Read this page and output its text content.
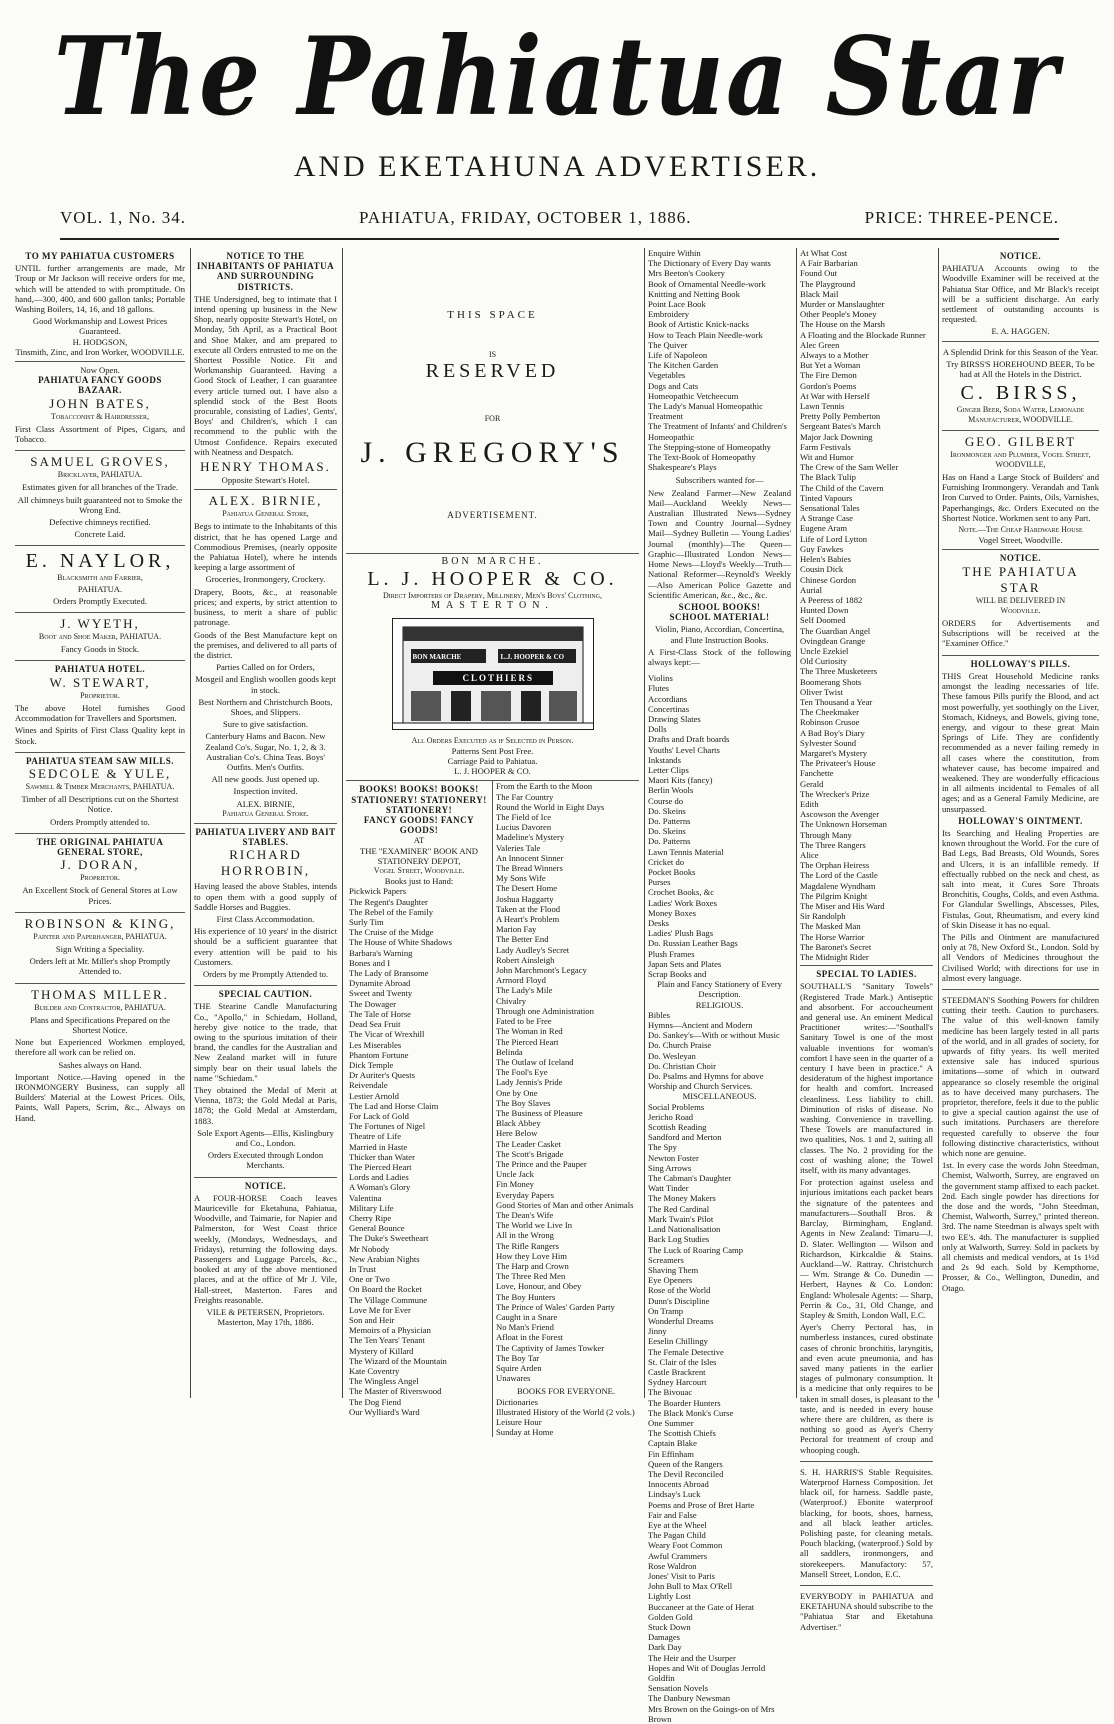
The Pahiatua Star
AND EKETAHUNA ADVERTISER.
VOL. 1, No. 34.	PAHIATUA, FRIDAY, OCTOBER 1, 1886.	PRICE: THREE-PENCE.
TO MY PAHIATUA CUSTOMERS

UNTIL further arrangements are made, Mr Troup or Mr Jackson will receive orders for me, which will be attended to with promptitude. On hand,—300, 400, and 600 gallon tanks; Portable Washing Boilers, 14, 16, and 18 gallons.

Good Workmanship and Lowest Prices Guaranteed.
H. HODGSON,
Tinsmith, Zinc, and Iron Worker, WOODVILLE.
Now Open.
PAHIATUA FANCY GOODS BAZAAR.
JOHN BATES,
Tobacconist & Hairdresser,

First Class Assortment of Pipes, Cigars, and Tobacco.

SAMUEL GROVES,
Bricklayer, PAHIATUA.

Estimates given for all branches of the Trade.

All chimneys built guaranteed not to Smoke the Wrong End.

Defective chimneys rectified.

Concrete Laid.

E. NAYLOR,
Blacksmith and Farrier,
PAHIATUA.

Orders Promptly Executed.

J. WYETH,
Boot and Shoe Maker, PAHIATUA.

Fancy Goods in Stock.

PAHIATUA HOTEL.
W. STEWART,
Proprietor.

The above Hotel furnishes Good Accommodation for Travellers and Sportsmen.

Wines and Spirits of First Class Quality kept in Stock.

PAHIATUA STEAM SAW MILLS.
SEDCOLE & YULE,
Sawmill & Timber Merchants, PAHIATUA.

Timber of all Descriptions cut on the Shortest Notice.

Orders Promptly attended to.

THE ORIGINAL PAHIATUA GENERAL STORE,
J. DORAN,
Proprietor.

An Excellent Stock of General Stores at Low Prices.

ROBINSON & KING,
Painter and Paperhanger, PAHIATUA.

Sign Writing a Speciality.

Orders left at Mr. Miller's shop Promptly Attended to.

THOMAS MILLER.
Builder and Contractor, PAHIATUA.

Plans and Specifications Prepared on the Shortest Notice.

None but Experienced Workmen employed, therefore all work can be relied on.

Sashes always on Hand.

Important Notice.—Having opened in the IRONMONGERY Business, can supply all Builders' Material at the Lowest Prices. Oils, Paints, Wall Papers, Scrim, &c., Always on Hand.

NOTICE TO THE INHABITANTS OF PAHIATUA AND SURROUNDING DISTRICTS.

THE Undersigned, beg to intimate that I intend opening up business in the New Shop, nearly opposite Stewart's Hotel, on Monday, 5th April, as a Practical Boot and Shoe Maker, and am prepared to execute all Orders entrusted to me on the Shortest Possible Notice. Fit and Workmanship Guaranteed. Having a Good Stock of Leather, I can guarantee every article turned out. I have also a splendid stock of the Best Boots procurable, consisting of Ladies', Gents', Boys' and Children's, which I can recommend to the public with the Utmost Confidence. Repairs executed with Neatness and Despatch.

HENRY THOMAS.
Opposite Stewart's Hotel.
ALEX. BIRNIE,
Pahiatua General Store,

Begs to intimate to the Inhabitants of this district, that he has opened Large and Commodious Premises, (nearly opposite the Pahiatua Hotel), where he intends keeping a large assortment of

Groceries, Ironmongery, Crockery.

Drapery, Boots, &c., at reasonable prices; and experts, by strict attention to business, to merit a share of public patronage.

Goods of the Best Manufacture kept on the premises, and delivered to all parts of the district.

Parties Called on for Orders,

Mosgeil and English woollen goods kept in stock.

Best Northern and Christchurch Boots, Shoes, and Slippers.

Sure to give satisfaction.

Canterbury Hams and Bacon. New Zealand Co's. Sugar, No. 1, 2, & 3. Australian Co's. China Teas. Boys' Outfits. Men's Outfits.

All new goods. Just opened up.

Inspection invited.

ALEX. BIRNIE,
Pahiatua General Store.
PAHIATUA LIVERY AND BAIT STABLES.
RICHARD HORROBIN,

Having leased the above Stables, intends to open them with a good supply of Saddle Horses and Buggies.

First Class Accommodation.

His experience of 10 years' in the district should be a sufficient guarantee that every attention will be paid to his Customers.

Orders by me Promptly Attended to.

SPECIAL CAUTION.

THE Stearine Candle Manufacturing Co., "Apollo," in Schiedam, Holland, hereby give notice to the trade, that owing to the spurious imitation of their brand, the candles for the Australian and New Zealand market will in future simply bear on their usual labels the name "Schiedam."

They obtained the Medal of Merit at Vienna, 1873; the Gold Medal at Paris, 1878; the Gold Medal at Amsterdam, 1883.

Sole Export Agents—Ellis, Kislingbury and Co., London.

Orders Executed through London Merchants.

NOTICE.

A FOUR-HORSE Coach leaves Mauriceville for Eketahuna, Pahiatua, Woodville, and Taimarie, for Napier and Palmerston, for West Coast thrice weekly, (Mondays, Wednesdays, and Fridays), returning the following days. Passengers and Luggage Parcels, &c., booked at any of the above mentioned places, and at the office of Mr J. Vile, Hall-street, Masterton. Fares and Freights reasonable.

VILE & PETERSEN, Proprietors.
Masterton, May 17th, 1886.
THIS SPACE
IS
RESERVED
FOR
J. GREGORY'S
ADVERTISEMENT.
BON MARCHE.
L. J. HOOPER & CO.
Direct Importers of Drapery, Millinery, Men's Boys' Clothing,
MASTERTON.
BON MARCHE	L.J. HOOPER & CO
CLOTHIERS
All Orders Executed as if Selected in Person.
Patterns Sent Post Free.
Carriage Paid to Pahiatua.
L. J. HOOPER & CO.
BOOKS! BOOKS! BOOKS!
STATIONERY! STATIONERY! STATIONERY!
FANCY GOODS! FANCY GOODS!
AT
THE "EXAMINER" BOOK AND STATIONERY DEPOT,
Vogel Street, Woodville.
Books just to Hand:
Pickwick Papers
The Regent's Daughter
The Rebel of the Family
Surly Tim
The Cruise of the Midge
The House of White Shadows
Barbara's Warning
Bones and I
The Lady of Bransome
Dynamite Abroad
Sweet and Twenty
The Dowager
The Tale of Horse
Dead Sea Fruit
The Vicar of Wrexhill
Les Miserables
Phantom Fortune
Dick Temple
Dr Auriter's Quests
Reivendale
Lestier Arnold
The Lad and Horse Claim
For Lack of Gold
The Fortunes of Nigel
Theatre of Life
Married in Haste
Thicker than Water
The Pierced Heart
Lords and Ladies
A Woman's Glory
Valentina
Military Life
Cherry Ripe
General Bounce
The Duke's Sweetheart
Mr Nobody
New Arabian Nights
In Trust
One or Two
On Board the Rocket
The Village Commune
Love Me for Ever
Son and Heir
Memoirs of a Physician
The Ten Years' Tenant
Mystery of Killard
The Wizard of the Mountain
Kate Coventry
The Wingless Angel
The Master of Riverswood
The Dog Fiend
Our Wylliard's Ward
From the Earth to the Moon
The Far Country
Round the World in Eight Days
The Field of Ice
Lucius Davoren
Madeline's Mystery
Valeries Tale
An Innocent Sinner
The Bread Winners
My Sons Wife
The Desert Home
Joshua Haggarty
Taken at the Flood
A Heart's Problem
Marion Fay
The Better End
Lady Audley's Secret
Robert Ainsleigh
John Marchmont's Legacy
Arrnord Floyd
The Lady's Mile
Chivalry
Through one Administration
Fated to be Free
The Woman in Red
The Pierced Heart
Belinda
The Outlaw of Iceland
The Fool's Eye
Lady Jennis's Pride
One by One
The Boy Slaves
The Business of Pleasure
Black Abbey
Here Below
The Leader Casket
The Scott's Brigade
The Prince and the Pauper
Uncle Jack
Fin Money
Everyday Papers
Good Stories of Man and other Animals
The Dean's Wife
The World we Live In
All in the Wrong
The Rifle Rangers
How they Love Him
The Harp and Crown
The Three Red Men
Love, Honour, and Obey
The Boy Hunters
The Prince of Wales' Garden Party
Caught in a Snare
No Man's Friend
Afloat in the Forest
The Captivity of James Towker
The Boy Tar
Squire Arden
Unawares
BOOKS FOR EVERYONE.
Dictionaries
Illustrated History of the World (2 vols.)
Leisure Hour
Sunday at Home
Enquire Within
The Dictionary of Every Day wants
Mrs Beeton's Cookery
Book of Ornamental Needle-work
Knitting and Netting Book
Point Lace Book
Embroidery
Book of Artistic Knick-nacks
How to Teach Plain Needle-work
The Quiver
Life of Napoleon
The Kitchen Garden
Vegetables
Dogs and Cats
Homeopathic Vetcheecum
The Lady's Manual Homeopathic Treatment
The Treatment of Infants' and Children's Homeopathic
The Stepping-stone of Homeopathy
The Text-Book of Homeopathy
Shakespeare's Plays
Subscribers wanted for—

New Zealand Farmer—New Zealand Mail—Auckland Weekly News—Australian Illustrated News—Sydney Town and Country Journal—Sydney Mail—Sydney Bulletin — Young Ladies' Journal (monthly)—The Queen—Graphic—Illustrated London News—Home News—Lloyd's Weekly—Truth—National Reformer—Reynold's Weekly—Also American Police Gazette and Scientific American, &c., &c., &c.

SCHOOL BOOKS!
SCHOOL MATERIAL!

Violin, Piano, Accordian, Concertina, and Flute Instruction Books.

A First-Class Stock of the following always kept:—

Violins
Flutes
Accordians
Concertinas
Drawing Slates
Dolls
Drafts and Draft boards
Youths' Level Charts
Inkstands
Letter Clips
Maori Kits (fancy)
Berlin Wools
Course do
Do. Skeins
Do. Patterns
Do. Skeins
Do. Patterns
Lawn Tennis Material
Cricket do
Pocket Books
Purses
Crochet Books, &c
Ladies' Work Boxes
Money Boxes
Desks
Ladies' Plush Bags
Do. Russian Leather Bags
Plush Frames
Japan Sets and Plates
Scrap Books and
Plain and Fancy Stationery of Every Description.
RELIGIOUS.
Bibles
Hymns—Ancient and Modern
Do. Sankey's—With or without Music
Do. Church Praise
Do. Wesleyan
Do. Christian Choir
Do. Psalms and Hymns for above Worship and Church Services.
MISCELLANEOUS.
Social Problems
Jericho Road
Scottish Reading
Sandford and Merton
The Spy
Newton Foster
Sing Arrows
The Cabman's Daughter
Watt Tinder
The Money Makers
The Red Cardinal
Mark Twain's Pilot
Land Nationalisation
Back Log Studies
The Luck of Roaring Camp
Screamers
Shaving Them
Eye Openers
Rose of the World
Dunn's Discipline
On Tramp
Wonderful Dreams
Jinny
Eeselin Chillingy
The Female Detective
St. Clair of the Isles
Castle Brackrent
Sydney Harcourt
The Bivouac
The Boarder Hunters
The Black Monk's Curse
One Summer
The Scottish Chiefs
Captain Blake
Fin Effinham
Queen of the Rangers
The Devil Reconciled
Innocents Abroad
Lindsay's Luck
Poems and Prose of Bret Harte
Fair and False
Eye at the Wheel
The Pagan Child
Weary Foot Common
Awful Crammers
Rose Waldron
Jones' Visit to Paris
John Bull to Max O'Rell
Lightly Lost
Buccaneer at the Gate of Herat
Golden Gold
Stuck Down
Damages
Dark Day
The Heir and the Usurper
Hopes and Wit of Douglas Jerrold
Goldfin
Sensation Novels
The Danbury Newsman
Mrs Brown on the Goings-on of Mrs Brown
At What Cost
A Fair Barbarian
Found Out
The Playground
Black Mail
Murder or Manslaughter
Other People's Money
The House on the Marsh
A Floating and the Blockade Runner
Alec Green
Always to a Mother
But Yet a Woman
The Fire Demon
Gordon's Poems
At War with Herself
Lawn Tennis
Pretty Polly Pemberton
Sergeant Bates's March
Major Jack Downing
Farm Festivals
Wit and Humor
The Crew of the Sam Weller
The Black Tulip
The Child of the Cavern
Tinted Vapours
Sensational Tales
A Strange Case
Eugene Aram
Life of Lord Lytton
Guy Fawkes
Helen's Babies
Cousin Dick
Chinese Gordon
Aurial
A Peeress of 1882
Hunted Down
Self Doomed
The Guardian Angel
Ovingdean Grange
Uncle Ezekiel
Old Curiosity
The Three Musketeers
Boomerang Shots
Oliver Twist
Ten Thousand a Year
The Cheekmaker
Robinson Crusoe
A Bad Boy's Diary
Sylvester Sound
Margaret's Mystery
The Privateer's House
Fanchette
Gerald
The Wrecker's Prize
Edith
Ascowson the Avenger
The Unknown Horseman
Through Many
The Three Rangers
Alice
The Orphan Heiress
The Lord of the Castle
Magdalene Wyndham
The Pilgrim Knight
The Miser and His Ward
Sir Randolph
The Masked Man
The Horse Warrior
The Baronet's Secret
The Midnight Rider
SPECIAL TO LADIES.

SOUTHALL'S "Sanitary Towels" (Registered Trade Mark.) Antiseptic and absorbent. For accoucheument and general use. An eminent Medical Practitioner writes:—"Southall's Sanitary Towel is one of the most valuable inventions for woman's comfort I have seen in the quarter of a century I have been in practice." A desideratum of the highest importance for health and comfort. Increased cleanliness. Less liability to chill. Diminution of risks of disease. No washing. Convenience in travelling. These Towels are manufactured in two qualities, Nos. 1 and 2, suiting all classes. The No. 2 providing for the cost of washing alone; the Towel itself, with its many advantages.

For protection against useless and injurious imitations each packet bears the signature of the patentees and manufacturers—Southall Bros. & Barclay, Birmingham, England. Agents in New Zealand: Timaru—J. D. Slater. Wellington — Wilson and Richardson, Kirkcaldie & Stains. Auckland—W. Rattray. Christchurch — Wm. Strange & Co. Dunedin — Herbert, Haynes & Co. London: England: Wholesale Agents: — Sharp, Perrin & Co., 31, Old Change, and Stapley & Smith, London Wall, E.C.

Ayer's Cherry Pectoral has, in numberless instances, cured obstinate cases of chronic bronchitis, laryngitis, and even acute pneumonia, and has saved many patients in the earlier stages of pulmonary consumption. It is a medicine that only requires to be taken in small doses, is pleasant to the taste, and is needed in every house where there are children, as there is nothing so good as Ayer's Cherry Pectoral for treatment of croup and whooping cough.

S. H. HARRIS'S Stable Requisites. Waterproof Harness Composition. Jet black oil, for harness. Saddle paste, (Waterproof.) Ebonite waterproof blacking, for boots, shoes, harness, and all black leather articles. Polishing paste, for cleaning metals. Pouch blacking, (waterproof.) Sold by all saddlers, ironmongers, and storekeepers. Manufactory: 57, Mansell Street, London, E.C.

EVERYBODY in PAHIATUA and EKETAHUNA should subscribe to the "Pahiatua Star and Eketahuna Advertiser."

NOTICE.

PAHIATUA Accounts owing to the Woodville Examiner will be received at the Pahiatua Star Office, and Mr Black's receipt will be a sufficient discharge. An early settlement of outstanding accounts is requested.

E. A. HAGGEN.

A Splendid Drink for this Season of the Year.

Try BIRSS'S HOREHOUND BEER, To be had at All the Hotels in the District.

C. BIRSS,
Ginger Beer, Soda Water, Lemonade Manufacturer, WOODVILLE.
GEO. GILBERT
Ironmonger and Plumber, Vogel Street, WOODVILLE,

Has on Hand a Large Stock of Builders' and Furnishing Ironmongery. Verandah and Tank Iron Curved to Order. Paints, Oils, Varnishes, Paperhangings, &c. Orders Executed on the Shortest Notice. Workmen sent to any Part.

Note.—The Cheap Hardware House
Vogel Street, Woodville.
NOTICE.
THE PAHIATUA STAR
WILL BE DELIVERED IN
Woodville.

ORDERS for Advertisements and Subscriptions will be received at the "Examiner Office."

HOLLOWAY'S PILLS.

THIS Great Household Medicine ranks amongst the leading necessaries of life. These famous Pills purify the Blood, and act most powerfully, yet soothingly on the Liver, Stomach, Kidneys, and Bowels, giving tone, energy, and vigour to these great Main Springs of Life. They are confidently recommended as a never failing remedy in all cases where the constitution, from whatever cause, has become impaired and weakened. They are wonderfully efficacious in all ailments incidental to Females of all ages; and as a General Family Medicine, are unsurpassed.

HOLLOWAY'S OINTMENT.

Its Searching and Healing Properties are known throughout the World. For the cure of Bad Legs, Bad Breasts, Old Wounds, Sores and Ulcers, it is an infallible remedy. If effectually rubbed on the neck and chest, as salt into meat, it Cures Sore Throats Bronchitis, Coughs, Colds, and even Asthma. For Glandular Swellings, Abscesses, Piles, Fistulas, Gout, Rheumatism, and every kind of Skin Disease it has no equal.

The Pills and Ointment are manufactured only at 78, New Oxford St., London. Sold by all Vendors of Medicines throughout the Civilised World; with directions for use in almost every language.

STEEDMAN'S Soothing Powers for children cutting their teeth. Caution to purchasers. The value of this well-known family medicine has been largely tested in all parts of the world, and in all grades of society, for upwards of fifty years. Its well merited extensive sale has induced spurious imitations—some of which in outward appearance so closely resemble the original as to have deceived many purchasers. The proprietor, therefore, feels it due to the public to give a special caution against the use of such imitations. Purchasers are therefore requested carefully to observe the four following distinctive characteristics, without which none are genuine.

1st. In every case the words John Steedman, Chemist, Walworth, Surrey, are engraved on the government stamp affixed to each packet. 2nd. Each single powder has directions for the dose and the words, "John Steedman, Chemist, Walworth, Surrey," printed thereon. 3rd. The name Steedman is always spelt with two EE's. 4th. The manufacturer is supplied only at Walworth, Surrey. Sold in packets by all chemists and medical vendors, at 1s 1½d and 2s 9d each. Sold by Kempthorne, Prosser, & Co., Wellington, Dunedin, and Otago.
